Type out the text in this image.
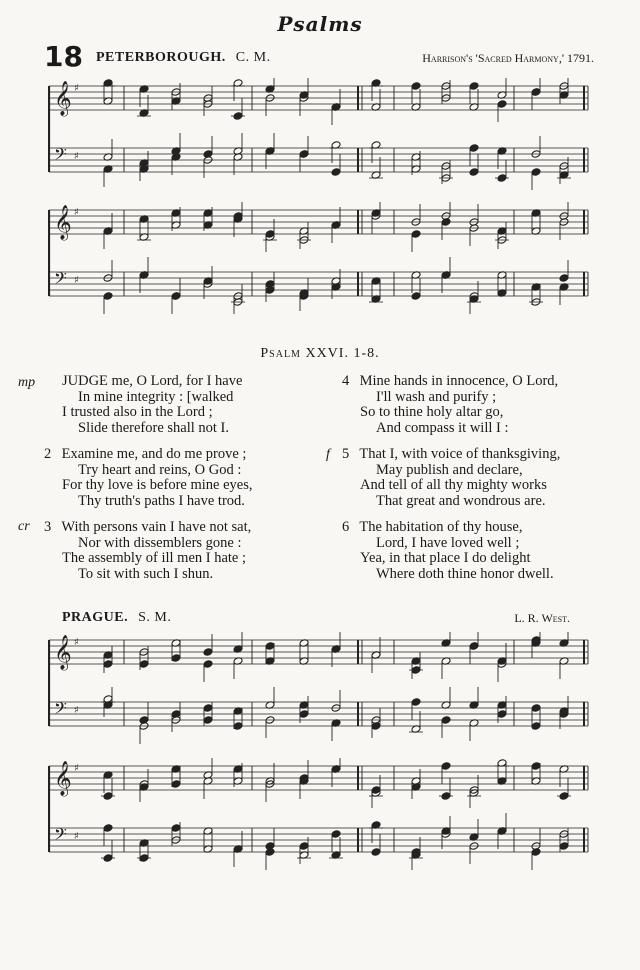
Psalms
18 PETERBOROUGH. C. M.	Harrison's 'Sacred Harmony,' 1791.
𝄞 ♯
𝄢 ♯
𝄞 ♯
𝄢 ♯
Psalm XXVI. 1-8.
mp JUDGE me, O Lord, for I have
In mine integrity : [walked
I trusted also in the Lord ;
Slide therefore shall not I.
2 Examine me, and do me prove ;
Try heart and reins, O God :
For thy love is before mine eyes,
Thy truth's paths I have trod.
cr 3 With persons vain I have not sat,
Nor with dissemblers gone :
The assembly of ill men I hate ;
To sit with such I shun.
4 Mine hands in innocence, O Lord,
I'll wash and purify ;
So to thine holy altar go,
And compass it will I :
f 5 That I, with voice of thanksgiving,
May publish and declare,
And tell of all thy mighty works
That great and wondrous are.
6 The habitation of thy house,
Lord, I have loved well ;
Yea, in that place I do delight
Where doth thine honor dwell.
PRAGUE. S. M.	L. R. West.
𝄞 ♯
𝄢 ♯
𝄞 ♯
𝄢 ♯
